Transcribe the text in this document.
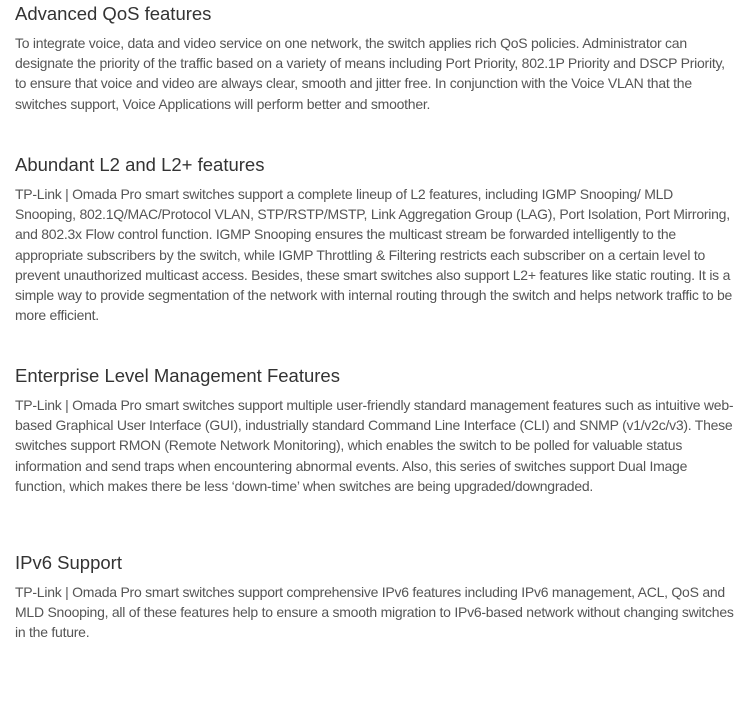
Advanced QoS features

To integrate voice, data and video service on one network, the switch applies rich QoS policies. Administrator can designate the priority of the traffic based on a variety of means including Port Priority, 802.1P Priority and DSCP Priority, to ensure that voice and video are always clear, smooth and jitter free. In conjunction with the Voice VLAN that the switches support, Voice Applications will perform better and smoother.

Abundant L2 and L2+ features

TP-Link | Omada Pro smart switches support a complete lineup of L2 features, including IGMP Snooping/ MLD Snooping, 802.1Q/MAC/Protocol VLAN, STP/RSTP/MSTP, Link Aggregation Group (LAG), Port Isolation, Port Mirroring, and 802.3x Flow control function. IGMP Snooping ensures the multicast stream be forwarded intelligently to the appropriate subscribers by the switch, while IGMP Throttling & Filtering restricts each subscriber on a certain level to prevent unauthorized multicast access. Besides, these smart switches also support L2+ features like static routing. It is a simple way to provide segmentation of the network with internal routing through the switch and helps network traffic to be more efficient.

Enterprise Level Management Features

TP-Link | Omada Pro smart switches support multiple user-friendly standard management features such as intuitive web-based Graphical User Interface (GUI), industrially standard Command Line Interface (CLI) and SNMP (v1/v2c/v3). These switches support RMON (Remote Network Monitoring), which enables the switch to be polled for valuable status information and send traps when encountering abnormal events. Also, this series of switches support Dual Image function, which makes there be less ‘down-time’ when switches are being upgraded/downgraded.

IPv6 Support

TP-Link | Omada Pro smart switches support comprehensive IPv6 features including IPv6 management, ACL, QoS and MLD Snooping, all of these features help to ensure a smooth migration to IPv6-based network without changing switches in the future.
